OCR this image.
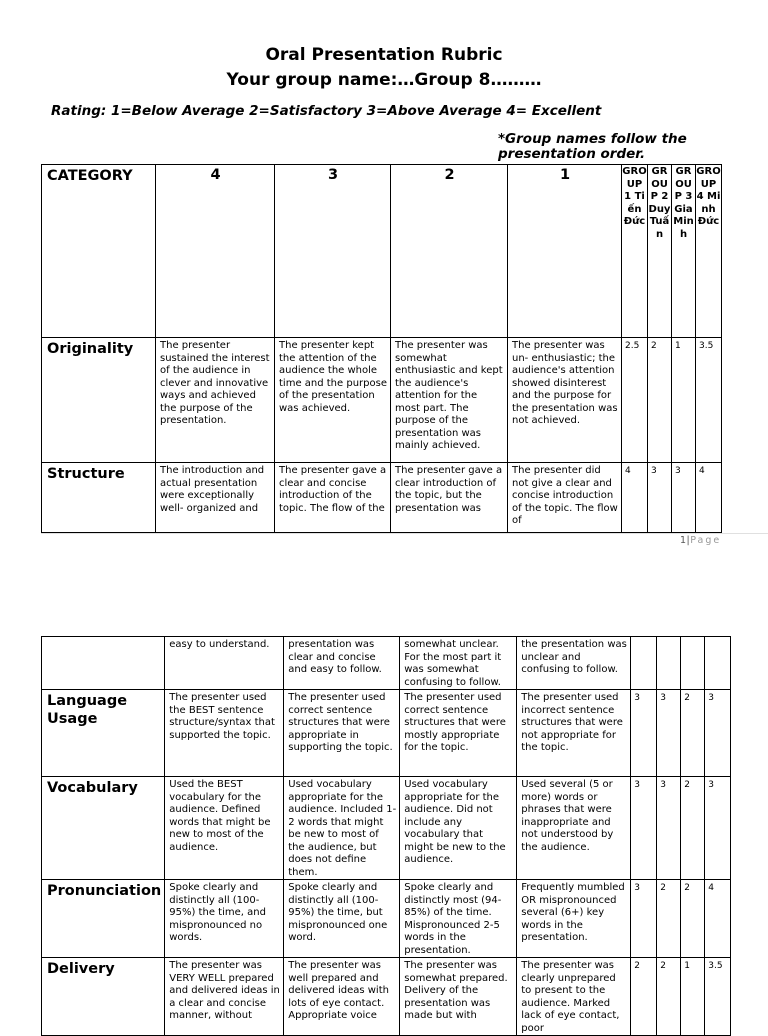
Oral Presentation Rubric
Your group name:…Group 8………
Rating: 1=Below Average 2=Satisfactory 3=Above Average 4= Excellent
*Group names follow the presentation order.
CATEGORY	4	3	2	1	GROUP 1 Tiến Đức	GROUP 2 Duy Tuấn	GROUP 3 Gia Minh	GROUP 4 Minh Đức
Originality	The presenter sustained the interest of the audience in clever and innovative ways and achieved the purpose of the presentation.	The presenter kept the attention of the audience the whole time and the purpose of the presentation was achieved.	The presenter was somewhat enthusiastic and kept the audience's attention for the most part. The purpose of the presentation was mainly achieved.	The presenter was un- enthusiastic; the audience's attention showed disinterest and the purpose for the presentation was not achieved.	2.5	2	1	3.5
Structure	The introduction and actual presentation were exceptionally well- organized and	The presenter gave a clear and concise introduction of the topic. The flow of the	The presenter gave a clear introduction of the topic, but the presentation was	The presenter did not give a clear and concise introduction of the topic. The flow of	4	3	3	4
1|Page
	easy to understand.	presentation was clear and concise and easy to follow.	somewhat unclear. For the most part it was somewhat confusing to follow.	the presentation was unclear and confusing to follow.				
Language Usage	The presenter used the BEST sentence structure/syntax that supported the topic.	The presenter used correct sentence structures that were appropriate in supporting the topic.	The presenter used correct sentence structures that were mostly appropriate for the topic.	The presenter used incorrect sentence structures that were not appropriate for the topic.	3	3	2	3
Vocabulary	Used the BEST vocabulary for the audience. Defined words that might be new to most of the audience.	Used vocabulary appropriate for the audience. Included 1-2 words that might be new to most of the audience, but does not define them.	Used vocabulary appropriate for the audience. Did not include any vocabulary that might be new to the audience.	Used several (5 or more) words or phrases that were inappropriate and not understood by the audience.	3	3	2	3
Pronunciation	Spoke clearly and distinctly all (100-95%) the time, and mispronounced no words.	Spoke clearly and distinctly all (100-95%) the time, but mispronounced one word.	Spoke clearly and distinctly most (94-85%) of the time. Mispronounced 2-5 words in the presentation.	Frequently mumbled OR mispronounced several (6+) key words in the presentation.	3	2	2	4
Delivery	The presenter was VERY WELL prepared and delivered ideas in a clear and concise manner, without	The presenter was well prepared and delivered ideas with lots of eye contact. Appropriate voice	The presenter was somewhat prepared. Delivery of the presentation was made but with	The presenter was clearly unprepared to present to the audience. Marked lack of eye contact, poor	2	2	1	3.5
